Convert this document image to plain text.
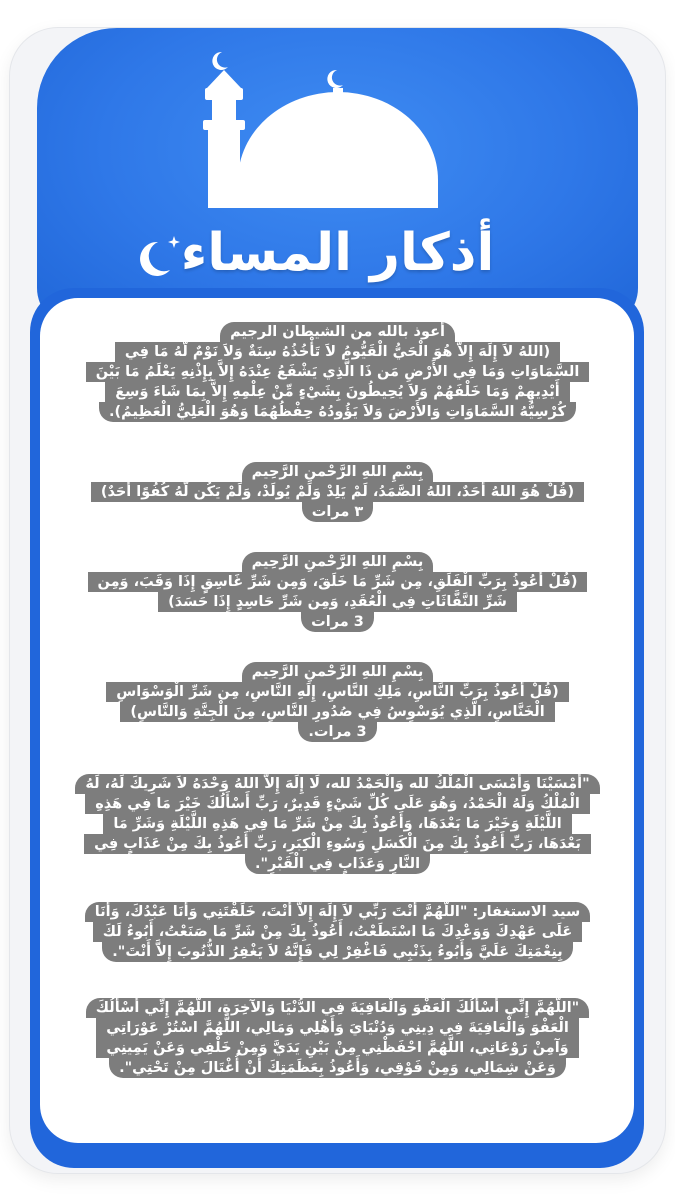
أذكار المساء
أعوذ بالله من الشيطان الرجيم
(اللهُ لاَ إِلَهَ إِلاَّ هُوَ الْحَيُّ الْقَيُّومُ لاَ تَأْخُذُهُ سِنَةٌ وَلاَ نَوْمٌ لَّهُ مَا فِي
السَّمَاوَاتِ وَمَا فِي الأَرْضِ مَن ذَا الَّذِي يَشْفَعُ عِنْدَهُ إِلاَّ بِإِذْنِهِ يَعْلَمُ مَا بَيْنَ
أَيْدِيهِمْ وَمَا خَلْفَهُمْ وَلاَ يُحِيطُونَ بِشَيْءٍ مِّنْ عِلْمِهِ إِلاَّ بِمَا شَاءَ وَسِعَ
كُرْسِيُّهُ السَّمَاوَاتِ وَالأَرْضَ وَلاَ يَؤُودُهُ حِفْظُهُمَا وَهُوَ الْعَلِيُّ الْعَظِيمُ).
بِسْمِ اللهِ الرَّحْمنِ الرَّحِيم
(قُلْ هُوَ اللهُ أَحَدٌ، اللهُ الصَّمَدُ، لَمْ يَلِدْ وَلَمْ يُولَدْ، وَلَمْ يَكُن لَّهُ كُفُوًا أَحَدٌ)
٣ مرات
بِسْمِ اللهِ الرَّحْمنِ الرَّحِيم
(قُلْ أَعُوذُ بِرَبِّ الْفَلَقِ، مِن شَرِّ مَا خَلَقَ، وَمِن شَرِّ غَاسِقٍ إِذَا وَقَبَ، وَمِن
شَرِّ النَّفَّاثَاتِ فِي الْعُقَدِ، وَمِن شَرِّ حَاسِدٍ إِذَا حَسَدَ)
3 مرات
بِسْمِ اللهِ الرَّحْمنِ الرَّحِيم
(قُلْ أَعُوذُ بِرَبِّ النَّاسِ، مَلِكِ النَّاسِ، إِلَهِ النَّاسِ، مِن شَرِّ الْوَسْوَاسِ
الْخَنَّاسِ، الَّذِي يُوَسْوِسُ فِي صُدُورِ النَّاسِ، مِنَ الْجِنَّةِ وَالنَّاسِ)
3 مرات.
"أَمْسَيْنَا وَأَمْسَى الْمُلْكُ لله وَالْحَمْدُ لله، لَا إِلَهَ إِلاَّ اللهُ وَحْدَهُ لاَ شَرِيكَ لَهُ، لَهُ
الْمُلْكُ وَلَهُ الْحَمْدُ، وَهُوَ عَلَى كُلِّ شَيْءٍ قَدِيرٌ، رَبِّ أَسْأَلُكَ خَيْرَ مَا فِي هَذِهِ
اللَّيْلَةِ وَخَيْرَ مَا بَعْدَهَا، وَأَعُوذُ بِكَ مِنْ شَرِّ مَا فِي هَذِهِ اللَّيْلَةِ وَشَرِّ مَا
بَعْدَهَا، رَبِّ أَعُوذُ بِكَ مِنَ الْكَسَلِ وَسُوءِ الْكِبَرِ، رَبِّ أَعُوذُ بِكَ مِنْ عَذَابٍ فِي
النَّارِ وَعَذَابٍ فِي الْقَبْرِ".
سيد الاستغفار: "اللَّهُمَّ أَنْتَ رَبِّي لاَ إِلَهَ إِلاَّ أَنْتَ، خَلَقْتَنِي وَأَنَا عَبْدُكَ، وَأَنَا
عَلَى عَهْدِكَ وَوَعْدِكَ مَا اسْتَطَعْتُ، أَعُوذُ بِكَ مِنْ شَرِّ مَا صَنَعْتُ، أَبُوءُ لَكَ
بِنِعْمَتِكَ عَلَيَّ وَأَبُوءُ بِذَنْبِي فَاغْفِرْ لِي فَإِنَّهُ لاَ يَغْفِرُ الذُّنُوبَ إِلاَّ أَنْتَ".
"اللَّهُمَّ إِنِّي أَسْأَلُكَ الْعَفْوَ وَالْعَافِيَةَ فِي الدُّنْيَا وَالآخِرَةِ، اللَّهُمَّ إِنِّي أَسْأَلُكَ
الْعَفْوَ وَالْعَافِيَةَ فِي دِينِي وَدُنْيَايَ وَأَهْلِي وَمَالِي، اللَّهُمَّ اسْتُرْ عَوْرَاتِي
وَآمِنْ رَوْعَاتِي، اللَّهُمَّ احْفَظْنِي مِنْ بَيْنِ يَدَيَّ وَمِنْ خَلْفِي وَعَنْ يَمِينِي
وَعَنْ شِمَالِي، وَمِنْ فَوْقِي، وَأَعُوذُ بِعَظَمَتِكَ أَنْ أُغْتَالَ مِنْ تَحْتِي".
